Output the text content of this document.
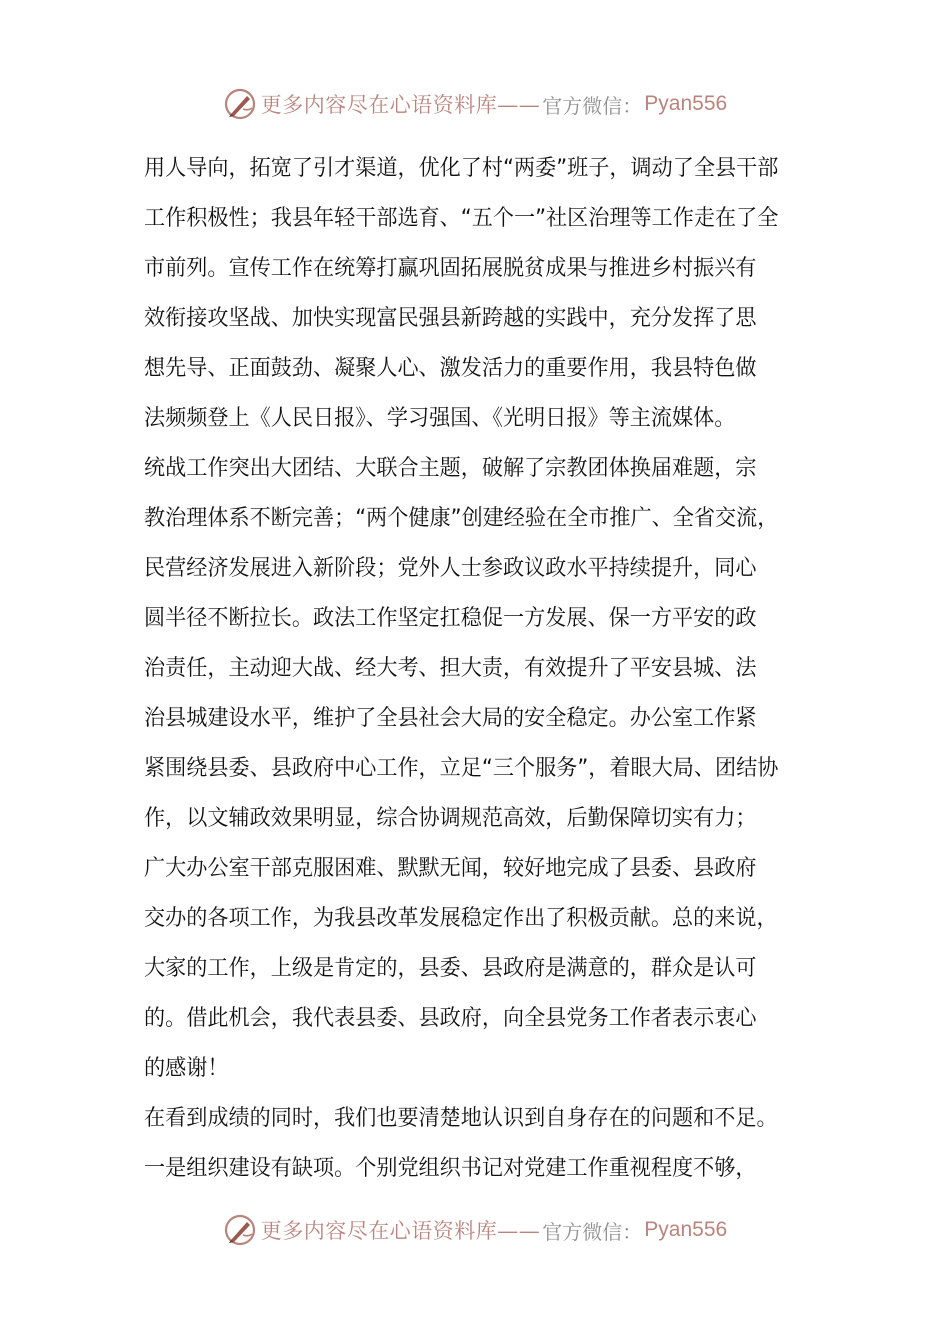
更多内容尽在心语资料库—— 官方微信： Pyan556
用人导向，拓宽了引才渠道，优化了村“两委”班子，调动了全县干部
工作积极性；我县年轻干部选育、“五个一”社区治理等工作走在了全
市前列。宣传工作在统筹打赢巩固拓展脱贫成果与推进乡村振兴有
效衔接攻坚战、加快实现富民强县新跨越的实践中，充分发挥了思
想先导、正面鼓劲、凝聚人心、激发活力的重要作用，我县特色做
法频频登上《人民日报》、学习强国、《光明日报》等主流媒体。
统战工作突出大团结、大联合主题，破解了宗教团体换届难题，宗
教治理体系不断完善；“两个健康”创建经验在全市推广、全省交流，
民营经济发展进入新阶段；党外人士参政议政水平持续提升，同心
圆半径不断拉长。政法工作坚定扛稳促一方发展、保一方平安的政
治责任，主动迎大战、经大考、担大责，有效提升了平安县城、法
治县城建设水平，维护了全县社会大局的安全稳定。办公室工作紧
紧围绕县委、县政府中心工作，立足“三个服务”，着眼大局、团结协
作，以文辅政效果明显，综合协调规范高效，后勤保障切实有力；
广大办公室干部克服困难、默默无闻，较好地完成了县委、县政府
交办的各项工作，为我县改革发展稳定作出了积极贡献。总的来说，
大家的工作，上级是肯定的，县委、县政府是满意的，群众是认可
的。借此机会，我代表县委、县政府，向全县党务工作者表示衷心
的感谢！
在看到成绩的同时，我们也要清楚地认识到自身存在的问题和不足。
一是组织建设有缺项。个别党组织书记对党建工作重视程度不够，
更多内容尽在心语资料库—— 官方微信： Pyan556
